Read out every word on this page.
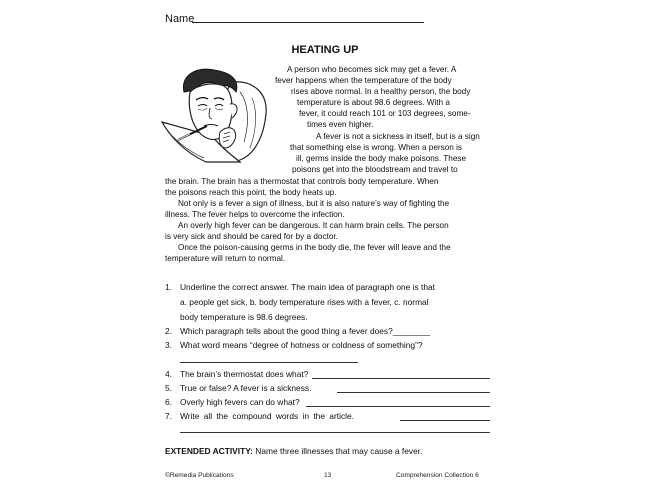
Name
HEATING UP
A person who becomes sick may get a fever. A
fever happens when the temperature of the body
rises above normal. In a healthy person, the body
temperature is about 98.6 degrees. With a
fever, it could reach 101 or 103 degrees, some-
times even higher.
A fever is not a sickness in itself, but is a sign
that something else is wrong. When a person is
ill, germs inside the body make poisons. These
poisons get into the bloodstream and travel to
the brain. The brain has a thermostat that controls body temperature. When
the poisons reach this point, the body heats up.
Not only is a fever a sign of illness, but it is also nature’s way of fighting the
illness. The fever helps to overcome the infection.
An overly high fever can be dangerous. It can harm brain cells. The person
is very sick and should be cared for by a doctor.
Once the poison-causing germs in the body die, the fever will leave and the
temperature will return to normal.
1. Underline the correct answer. The main idea of paragraph one is that
a. people get sick, b. body temperature rises with a fever, c. normal
body temperature is 98.6 degrees.
2. Which paragraph tells about the good thing a fever does?________
3. What word means “degree of hotness or coldness of something”?
4. The brain’s thermostat does what?
5. True or false? A fever is a sickness.
6. Overly high fevers can do what?
7. Write all the compound words in the article.
EXTENDED ACTIVITY: Name three illnesses that may cause a fever.
©Remedia Publications	13	Comprehension Collection 6
